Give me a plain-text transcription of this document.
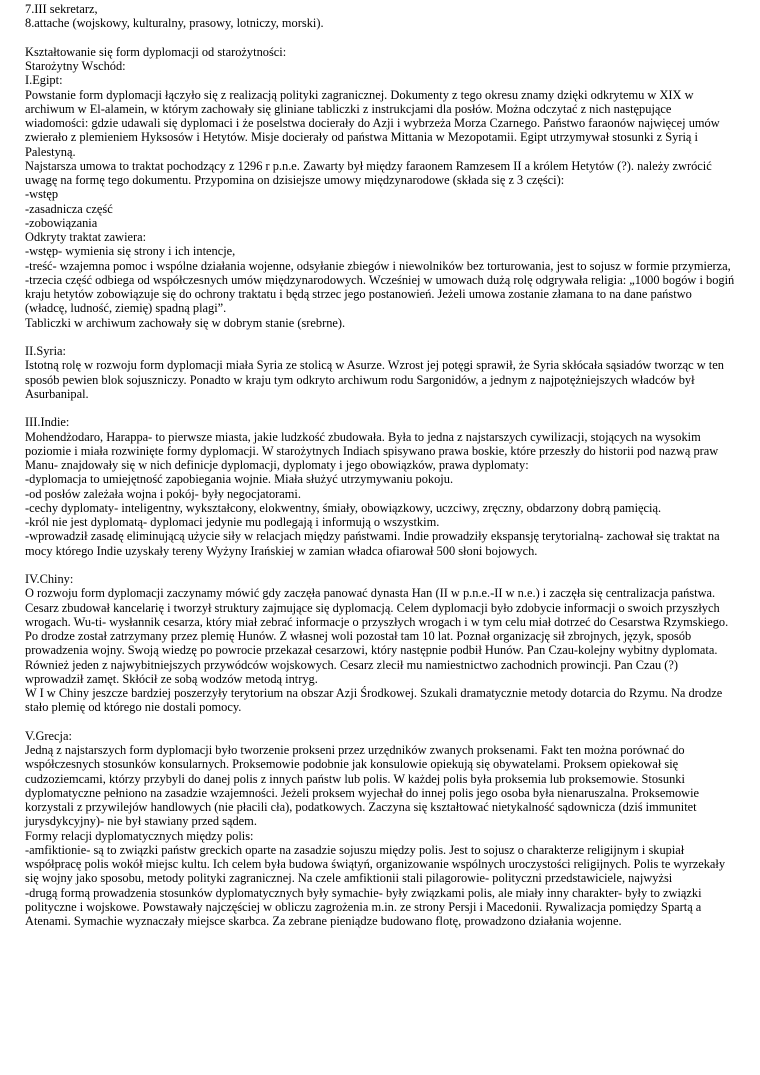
7.III sekretarz,

8.attache (wojskowy, kulturalny, prasowy, lotniczy, morski).

Kształtowanie się form dyplomacji od starożytności:

Starożytny Wschód:

I.Egipt:

Powstanie form dyplomacji łączyło się z realizacją polityki zagranicznej. Dokumenty z tego okresu znamy dzięki odkrytemu w XIX w archiwum w El-alamein, w którym zachowały się gliniane tabliczki z instrukcjami dla posłów. Można odczytać z nich następujące wiadomości: gdzie udawali się dyplomaci i że poselstwa docierały do Azji i wybrzeża Morza Czarnego. Państwo faraonów najwięcej umów zwierało z plemieniem Hyksosów i Hetytów. Misje docierały od państwa Mittania w Mezopotamii. Egipt utrzymywał stosunki z Syrią i Palestyną.

Najstarsza umowa to traktat pochodzący z 1296 r p.n.e. Zawarty był między faraonem Ramzesem II a królem Hetytów (?). należy zwrócić uwagę na formę tego dokumentu. Przypomina on dzisiejsze umowy międzynarodowe (składa się z 3 części):

-wstęp

-zasadnicza część

-zobowiązania

Odkryty traktat zawiera:

-wstęp- wymienia się strony i ich intencje,

-treść- wzajemna pomoc i wspólne działania wojenne, odsyłanie zbiegów i niewolników bez torturowania, jest to sojusz w formie przymierza,

-trzecia część odbiega od współczesnych umów międzynarodowych. Wcześniej w umowach dużą rolę odgrywała religia: „1000 bogów i bogiń kraju hetytów zobowiązuje się do ochrony traktatu i będą strzec jego postanowień. Jeżeli umowa zostanie złamana to na dane państwo (władcę, ludność, ziemię) spadną plagi”.

Tabliczki w archiwum zachowały się w dobrym stanie (srebrne).

II.Syria:

Istotną rolę w rozwoju form dyplomacji miała Syria ze stolicą w Asurze. Wzrost jej potęgi sprawił, że Syria skłócała sąsiadów tworząc w ten sposób pewien blok sojuszniczy. Ponadto w kraju tym odkryto archiwum rodu Sargonidów, a jednym z najpotężniejszych władców był Asurbanipal.

III.Indie:

Mohendżodaro, Harappa- to pierwsze miasta, jakie ludzkość zbudowała. Była to jedna z najstarszych cywilizacji, stojących na wysokim poziomie i miała rozwinięte formy dyplomacji. W starożytnych Indiach spisywano prawa boskie, które przeszły do historii pod nazwą praw Manu- znajdowały się w nich definicje dyplomacji, dyplomaty i jego obowiązków, prawa dyplomaty:

-dyplomacja to umiejętność zapobiegania wojnie. Miała służyć utrzymywaniu pokoju.

-od posłów zależała wojna i pokój- były negocjatorami.

-cechy dyplomaty- inteligentny, wykształcony, elokwentny, śmiały, obowiązkowy, uczciwy, zręczny, obdarzony dobrą pamięcią.

-król nie jest dyplomatą- dyplomaci jedynie mu podlegają i informują o wszystkim.

-wprowadził zasadę eliminującą użycie siły w relacjach między państwami. Indie prowadziły ekspansję terytorialną- zachował się traktat na mocy którego Indie uzyskały tereny Wyżyny Irańskiej w zamian władca ofiarował 500 słoni bojowych.

IV.Chiny:

O rozwoju form dyplomacji zaczynamy mówić gdy zaczęła panować dynasta Han (II w p.n.e.-II w n.e.) i zaczęła się centralizacja państwa. Cesarz zbudował kancelarię i tworzył struktury zajmujące się dyplomacją. Celem dyplomacji było zdobycie informacji o swoich przyszłych wrogach. Wu-ti- wysłannik cesarza, który miał zebrać informacje o przyszłych wrogach i w tym celu miał dotrzeć do Cesarstwa Rzymskiego. Po drodze został zatrzymany przez plemię Hunów. Z własnej woli pozostał tam 10 lat. Poznał organizację sił zbrojnych, język, sposób prowadzenia wojny. Swoją wiedzę po powrocie przekazał cesarzowi, który następnie podbił Hunów. Pan Czau-kolejny wybitny dyplomata. Również jeden z najwybitniejszych przywódców wojskowych. Cesarz zlecił mu namiestnictwo zachodnich prowincji. Pan Czau (?) wprowadził zamęt. Skłócił ze sobą wodzów metodą intryg.

W I w Chiny jeszcze bardziej poszerzyły terytorium na obszar Azji Środkowej. Szukali dramatycznie metody dotarcia do Rzymu. Na drodze stało plemię od którego nie dostali pomocy.

V.Grecja:

Jedną z najstarszych form dyplomacji było tworzenie prokseni przez urzędników zwanych proksenami. Fakt ten można porównać do współczesnych stosunków konsularnych. Proksemowie podobnie jak konsulowie opiekują się obywatelami. Proksem opiekował się cudzoziemcami, którzy przybyli do danej polis z innych państw lub polis. W każdej polis była proksemia lub proksemowie. Stosunki dyplomatyczne pełniono na zasadzie wzajemności. Jeżeli proksem wyjechał do innej polis jego osoba była nienaruszalna. Proksemowie korzystali z przywilejów handlowych (nie płacili cła), podatkowych. Zaczyna się kształtować nietykalność sądownicza (dziś immunitet jurysdykcyjny)- nie był stawiany przed sądem.

Formy relacji dyplomatycznych między polis:

-amfiktionie- są to związki państw greckich oparte na zasadzie sojuszu między polis. Jest to sojusz o charakterze religijnym i skupiał współpracę polis wokół miejsc kultu. Ich celem była budowa świątyń, organizowanie wspólnych uroczystości religijnych. Polis te wyrzekały się wojny jako sposobu, metody polityki zagranicznej. Na czele amfiktionii stali pilagorowie- polityczni przedstawiciele, najwyżsi

-drugą formą prowadzenia stosunków dyplomatycznych były symachie- były związkami polis, ale miały inny charakter- były to związki polityczne i wojskowe. Powstawały najczęściej w obliczu zagrożenia m.in. ze strony Persji i Macedonii. Rywalizacja pomiędzy Spartą a Atenami. Symachie wyznaczały miejsce skarbca. Za zebrane pieniądze budowano flotę, prowadzono działania wojenne.
